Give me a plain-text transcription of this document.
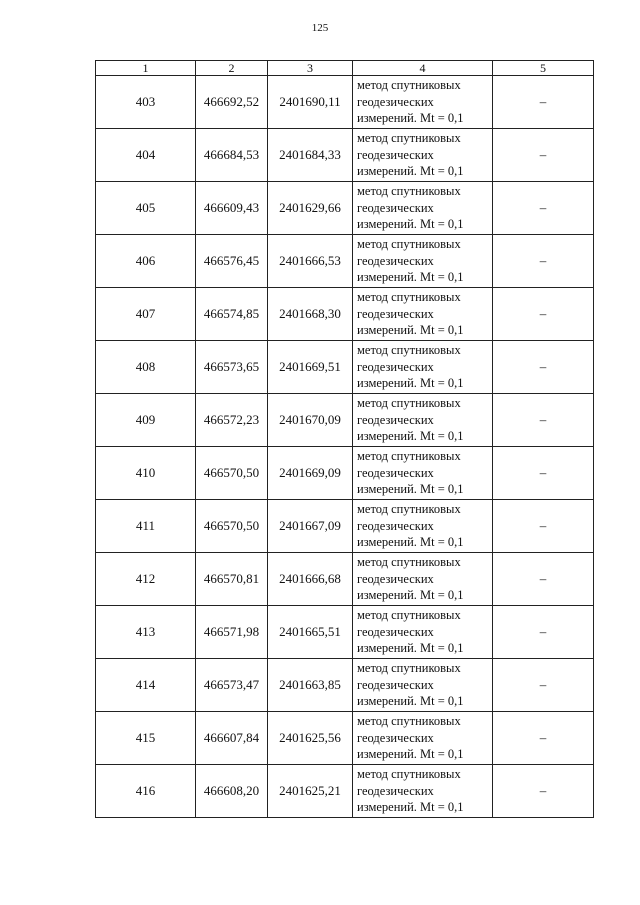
125
1	2	3	4	5
403	466692,52	2401690,11	метод спутниковых
геодезических
измерений. Mt = 0,1	–
404	466684,53	2401684,33	метод спутниковых
геодезических
измерений. Mt = 0,1	–
405	466609,43	2401629,66	метод спутниковых
геодезических
измерений. Mt = 0,1	–
406	466576,45	2401666,53	метод спутниковых
геодезических
измерений. Mt = 0,1	–
407	466574,85	2401668,30	метод спутниковых
геодезических
измерений. Mt = 0,1	–
408	466573,65	2401669,51	метод спутниковых
геодезических
измерений. Mt = 0,1	–
409	466572,23	2401670,09	метод спутниковых
геодезических
измерений. Mt = 0,1	–
410	466570,50	2401669,09	метод спутниковых
геодезических
измерений. Mt = 0,1	–
411	466570,50	2401667,09	метод спутниковых
геодезических
измерений. Mt = 0,1	–
412	466570,81	2401666,68	метод спутниковых
геодезических
измерений. Mt = 0,1	–
413	466571,98	2401665,51	метод спутниковых
геодезических
измерений. Mt = 0,1	–
414	466573,47	2401663,85	метод спутниковых
геодезических
измерений. Mt = 0,1	–
415	466607,84	2401625,56	метод спутниковых
геодезических
измерений. Mt = 0,1	–
416	466608,20	2401625,21	метод спутниковых
геодезических
измерений. Mt = 0,1	–
